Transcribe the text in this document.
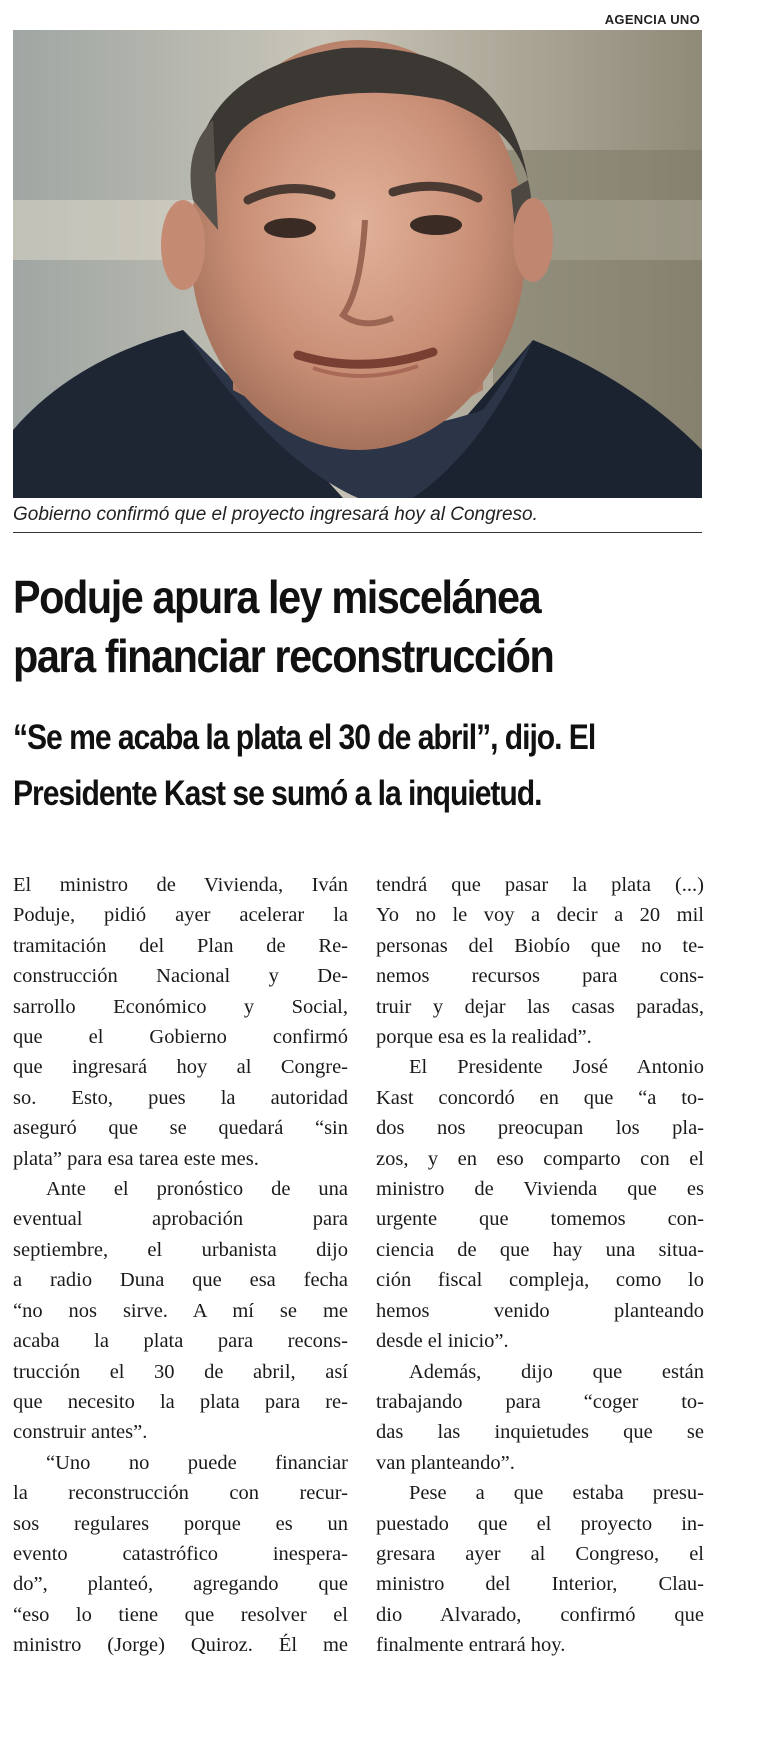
AGENCIA UNO
Gobierno confirmó que el proyecto ingresará hoy al Congreso.
Poduje apura ley miscelánea
para financiar reconstrucción
“Se me acaba la plata el 30 de abril”, dijo. El
Presidente Kast se sumó a la inquietud.
El ministro de Vivienda, Iván
Poduje, pidió ayer acelerar la
tramitación del Plan de Re-
construcción Nacional y De-
sarrollo Económico y Social,
que el Gobierno confirmó
que ingresará hoy al Congre-
so. Esto, pues la autoridad
aseguró que se quedará “sin
plata” para esa tarea este mes.
Ante el pronóstico de una
eventual aprobación para
septiembre, el urbanista dijo
a radio Duna que esa fecha
“no nos sirve. A mí se me
acaba la plata para recons-
trucción el 30 de abril, así
que necesito la plata para re-
construir antes”.
“Uno no puede financiar
la reconstrucción con recur-
sos regulares porque es un
evento catastrófico inespera-
do”, planteó, agregando que
“eso lo tiene que resolver el
ministro (Jorge) Quiroz. Él me
tendrá que pasar la plata (...)
Yo no le voy a decir a 20 mil
personas del Biobío que no te-
nemos recursos para cons-
truir y dejar las casas paradas,
porque esa es la realidad”.
El Presidente José Antonio
Kast concordó en que “a to-
dos nos preocupan los pla-
zos, y en eso comparto con el
ministro de Vivienda que es
urgente que tomemos con-
ciencia de que hay una situa-
ción fiscal compleja, como lo
hemos venido planteando
desde el inicio”.
Además, dijo que están
trabajando para “coger to-
das las inquietudes que se
van planteando”.
Pese a que estaba presu-
puestado que el proyecto in-
gresara ayer al Congreso, el
ministro del Interior, Clau-
dio Alvarado, confirmó que
finalmente entrará hoy.
